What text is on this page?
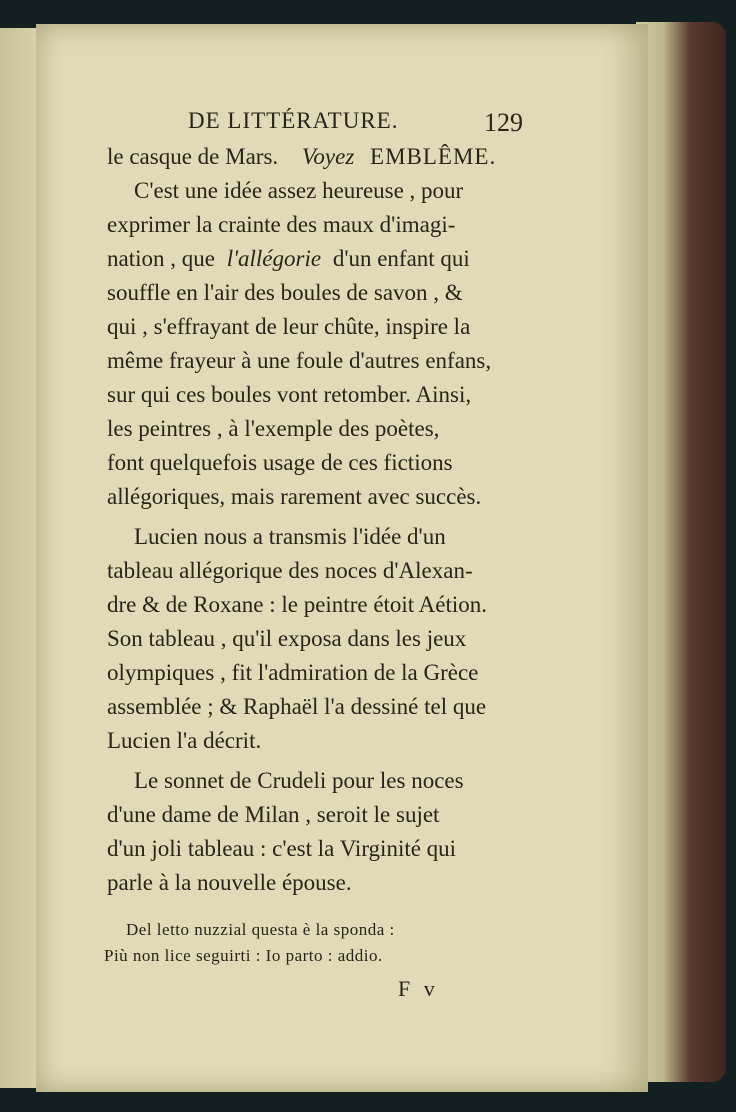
DE LITTÉRATURE.	129
le casque de Mars. Voyez EMBLÊME.
C'est une idée assez heureuse , pour
exprimer la crainte des maux d'imagi-
nation , que l'allégorie d'un enfant qui
souffle en l'air des boules de savon , &
qui , s'effrayant de leur chûte, inspire la
même frayeur à une foule d'autres enfans,
sur qui ces boules vont retomber. Ainsi,
les peintres , à l'exemple des poètes,
font quelquefois usage de ces fictions
allégoriques, mais rarement avec succès.
Lucien nous a transmis l'idée d'un
tableau allégorique des noces d'Alexan-
dre & de Roxane : le peintre étoit Aétion.
Son tableau , qu'il exposa dans les jeux
olympiques , fit l'admiration de la Grèce
assemblée ; & Raphaël l'a dessiné tel que
Lucien l'a décrit.
Le sonnet de Crudeli pour les noces
d'une dame de Milan , seroit le sujet
d'un joli tableau : c'est la Virginité qui
parle à la nouvelle épouse.
Del letto nuzzial questa è la sponda :
Più non lice seguirti : Io parto : addio.
F v
